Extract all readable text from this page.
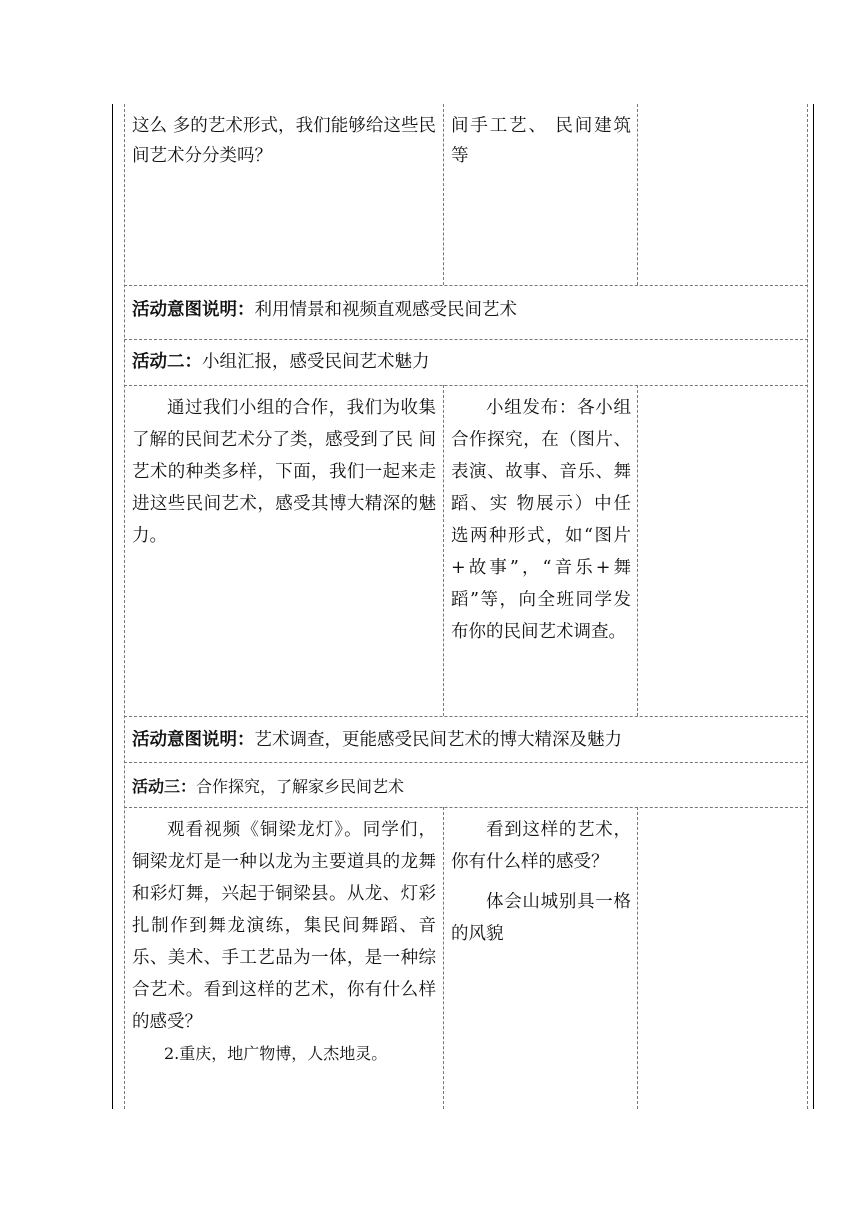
这么 多的艺术形式，我们能够给这些民间艺术分分类吗？
间手工艺、 民间建筑等
活动意图说明：利用情景和视频直观感受民间艺术
活动二：小组汇报，感受民间艺术魅力
通过我们小组的合作，我们为收集了解的民间艺术分了类，感受到了民 间艺术的种类多样，下面，我们一起来走进这些民间艺术，感受其博大精深的魅力。
小组发布：各小组合作探究，在（图片、表演、故事、音乐、舞蹈、实 物展示）中任选两种形式，如“图片+故事”，“音乐+舞蹈”等，向全班同学发布你的民间艺术调查。
活动意图说明：艺术调查，更能感受民间艺术的博大精深及魅力
活动三：合作探究，了解家乡民间艺术

观看视频《铜梁龙灯》。同学们，铜梁龙灯是一种以龙为主要道具的龙舞和彩灯舞，兴起于铜梁县。从龙、灯彩扎制作到舞龙演练，集民间舞蹈、音 乐、美术、手工艺品为一体，是一种综合艺术。看到这样的艺术，你有什么样的感受？

2.重庆，地广物博，人杰地灵。

看到这样的艺术，你有什么样的感受？

体会山城别具一格的风貌
